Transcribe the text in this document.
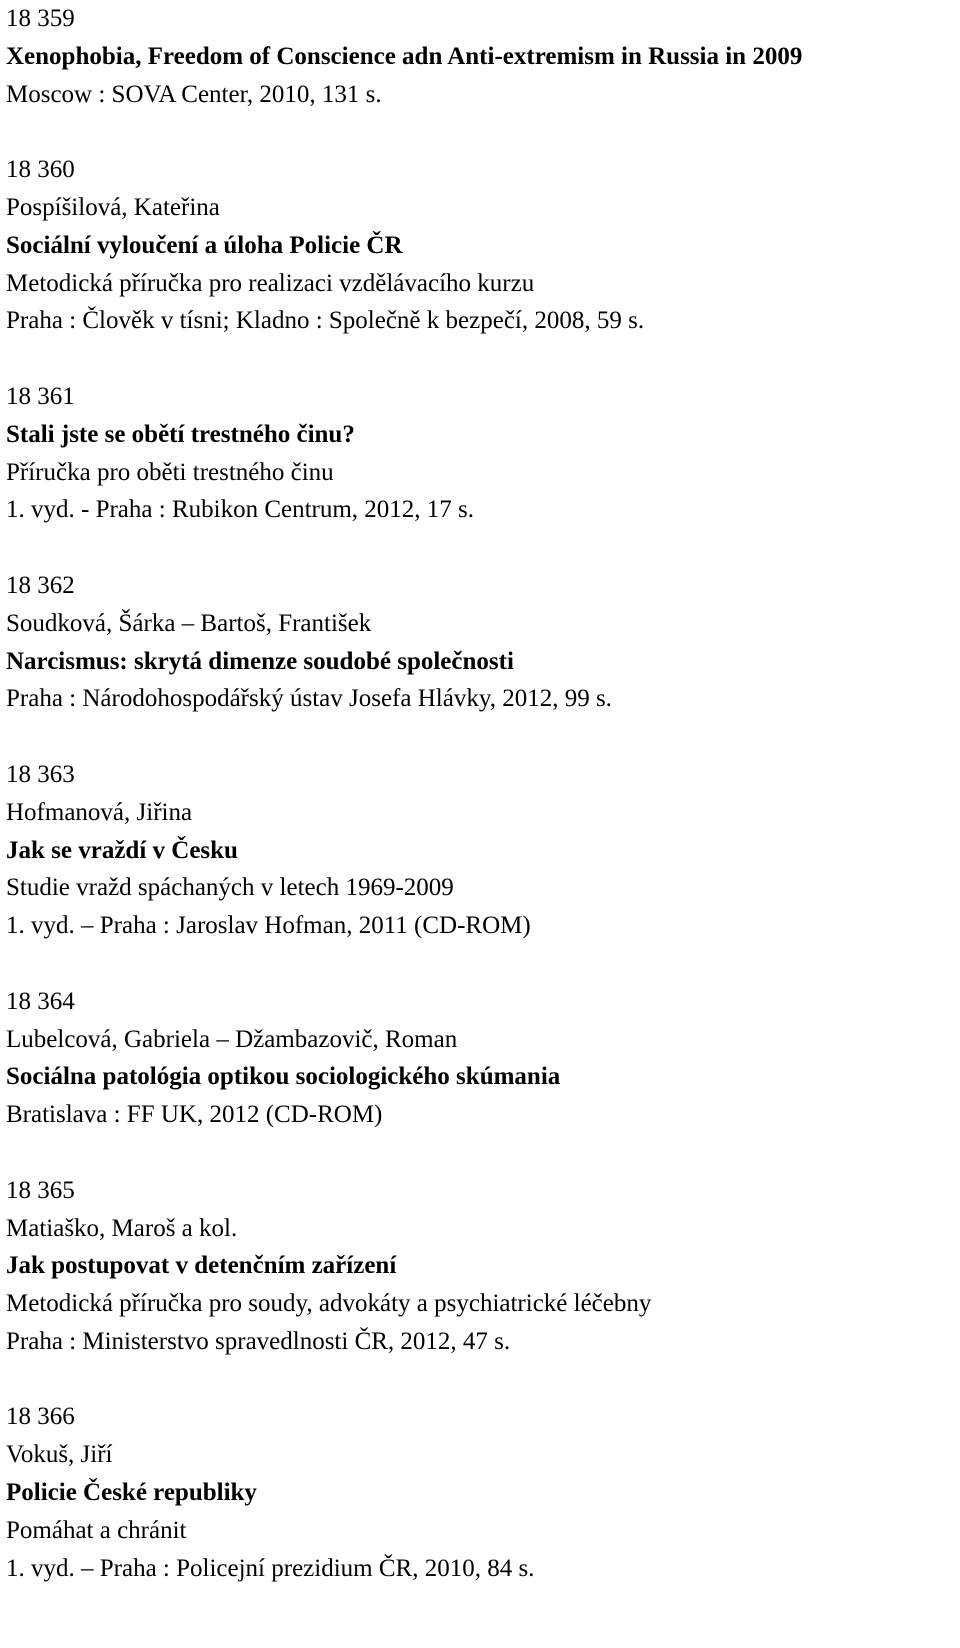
18 359
Xenophobia, Freedom of Conscience adn Anti-extremism in Russia in 2009
Moscow : SOVA Center, 2010, 131 s.
18 360
Pospíšilová, Kateřina
Sociální vyloučení a úloha Policie ČR
Metodická příručka pro realizaci vzdělávacího kurzu
Praha : Člověk v tísni; Kladno : Společně k bezpečí, 2008, 59 s.
18 361
Stali jste se obětí trestného činu?
Příručka pro oběti trestného činu
1. vyd. - Praha : Rubikon Centrum, 2012, 17 s.
18 362
Soudková, Šárka – Bartoš, František
Narcismus: skrytá dimenze soudobé společnosti
Praha : Národohospodářský ústav Josefa Hlávky, 2012, 99 s.
18 363
Hofmanová, Jiřina
Jak se vraždí v Česku
Studie vražd spáchaných v letech 1969-2009
1. vyd. – Praha : Jaroslav Hofman, 2011 (CD-ROM)
18 364
Lubelcová, Gabriela – Džambazovič, Roman
Sociálna patológia optikou sociologického skúmania
Bratislava : FF UK, 2012 (CD-ROM)
18 365
Matiaško, Maroš a kol.
Jak postupovat v detenčním zařízení
Metodická příručka pro soudy, advokáty a psychiatrické léčebny
Praha : Ministerstvo spravedlnosti ČR, 2012, 47 s.
18 366
Vokuš, Jiří
Policie České republiky
Pomáhat a chránit
1. vyd. – Praha : Policejní prezidium ČR, 2010, 84 s.
